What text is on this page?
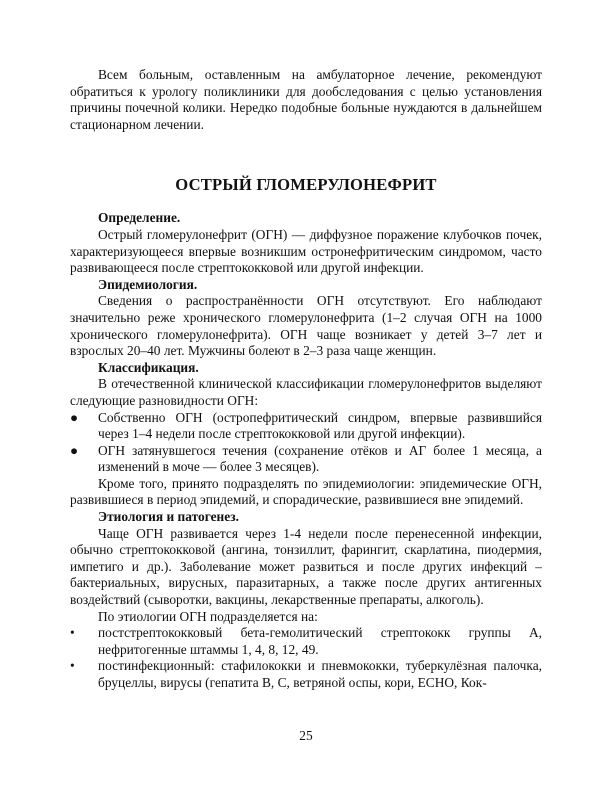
Всем больным, оставленным на амбулаторное лечение, рекомендуют обратиться к урологу поликлиники для дообследования с целью установления причины почечной колики. Нередко подобные больные нуждаются в дальнейшем стационарном лечении.

ОСТРЫЙ ГЛОМЕРУЛОНЕФРИТ

Определение.

Острый гломерулонефрит (ОГН) — диффузное поражение клубочков почек, характеризующееся впервые возникшим остронефритическим синдромом, часто развивающееся после стрептококковой или другой инфекции.

Эпидемиология.

Сведения о распространённости ОГН отсутствуют. Его наблюдают значительно реже хронического гломерулонефрита (1–2 случая ОГН на 1000 хронического гломерулонефрита). ОГН чаще возникает у детей 3–7 лет и взрослых 20–40 лет. Мужчины болеют в 2–3 раза чаще женщин.

Классификация.

В отечественной клинической классификации гломерулонефритов выделяют следующие разновидности ОГН:

●	Собственно ОГН (остропефритический синдром, впервые развившийся через 1–4 недели после стрептококковой или другой инфекции).
●	ОГН затянувшегося течения (сохранение отёков и АГ более 1 месяца, а изменений в моче — более 3 месяцев).

Кроме того, принято подразделять по эпидемиологии: эпидемические ОГН, развившиеся в период эпидемий, и спорадические, развившиеся вне эпидемий.

Этиология и патогенез.

Чаще ОГН развивается через 1-4 недели после перенесенной инфекции, обычно стрептококковой (ангина, тонзиллит, фарингит, скарлатина, пиодермия, импетиго и др.). Заболевание может развиться и после других инфекций – бактериальных, вирусных, паразитарных, а также после других антигенных воздействий (сыворотки, вакцины, лекарственные препараты, алкоголь).

По этиологии ОГН подразделяется на:

•	постстрептококковый бета-гемолитический стрептококк группы А, нефритогенные штаммы 1, 4, 8, 12, 49.
•	постинфекционный: стафилококки и пневмококки, туберкулёзная палочка, бруцеллы, вирусы (гепатита В, С, ветряной оспы, кори, ECHO, Кок-
25
